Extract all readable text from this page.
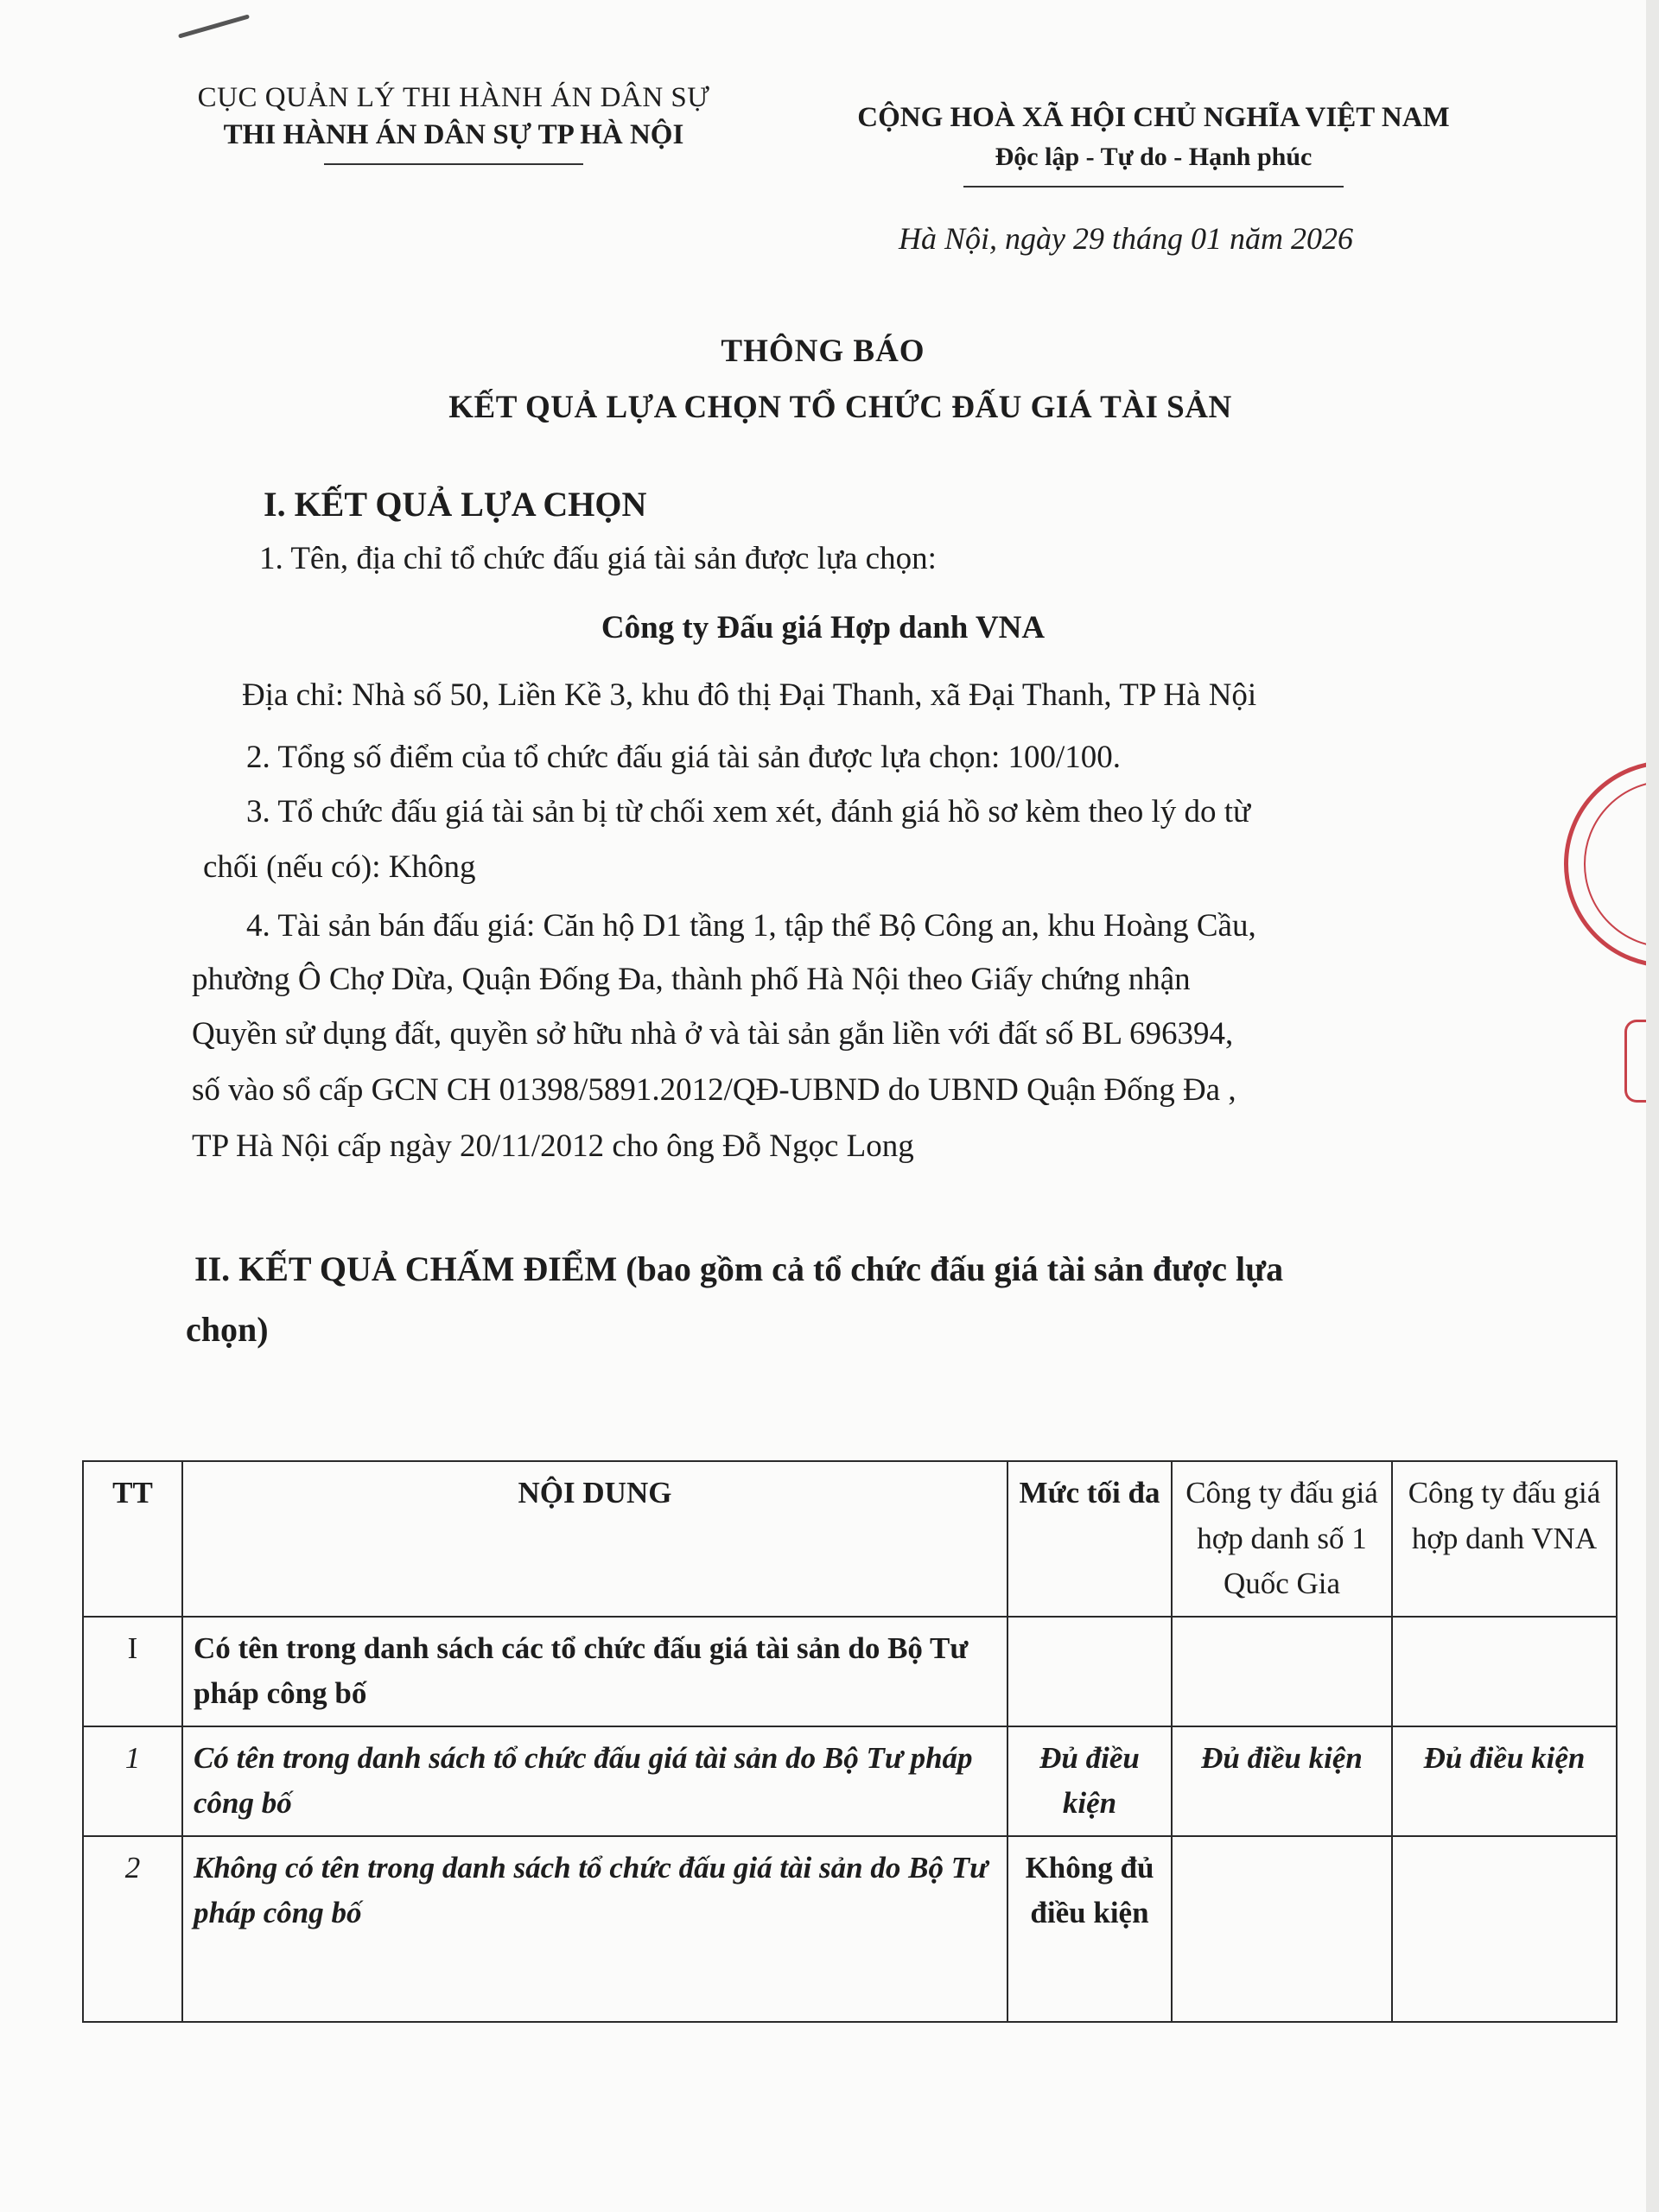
CỤC QUẢN LÝ THI HÀNH ÁN DÂN SỰ
THI HÀNH ÁN DÂN SỰ TP HÀ NỘI
CỘNG HOÀ XÃ HỘI CHỦ NGHĨA VIỆT NAM
Độc lập - Tự do - Hạnh phúc
Hà Nội, ngày 29 tháng 01 năm 2026
THÔNG BÁO
KẾT QUẢ LỰA CHỌN TỔ CHỨC ĐẤU GIÁ TÀI SẢN
I. KẾT QUẢ LỰA CHỌN
1. Tên, địa chỉ tổ chức đấu giá tài sản được lựa chọn:
Công ty Đấu giá Hợp danh VNA
Địa chỉ: Nhà số 50, Liền Kề 3, khu đô thị Đại Thanh, xã Đại Thanh, TP Hà Nội
2. Tổng số điểm của tổ chức đấu giá tài sản được lựa chọn: 100/100.
3. Tổ chức đấu giá tài sản bị từ chối xem xét, đánh giá hồ sơ kèm theo lý do từ
chối (nếu có): Không
4. Tài sản bán đấu giá: Căn hộ D1 tầng 1, tập thể Bộ Công an, khu Hoàng Cầu,
phường Ô Chợ Dừa, Quận Đống Đa, thành phố Hà Nội theo Giấy chứng nhận
Quyền sử dụng đất, quyền sở hữu nhà ở và tài sản gắn liền với đất số BL 696394,
số vào sổ cấp GCN CH 01398/5891.2012/QĐ-UBND do UBND Quận Đống Đa ,
TP Hà Nội cấp ngày 20/11/2012 cho ông Đỗ Ngọc Long
II. KẾT QUẢ CHẤM ĐIỂM (bao gồm cả tổ chức đấu giá tài sản được lựa
chọn)
TT	NỘI DUNG	Mức tối đa	Công ty đấu giá hợp danh số 1 Quốc Gia	Công ty đấu giá hợp danh VNA
I	Có tên trong danh sách các tổ chức đấu giá tài sản do Bộ Tư pháp công bố			
1	Có tên trong danh sách tổ chức đấu giá tài sản do Bộ Tư pháp công bố	Đủ điều kiện	Đủ điều kiện	Đủ điều kiện
2	Không có tên trong danh sách tổ chức đấu giá tài sản do Bộ Tư pháp công bố	Không đủ điều kiện		
